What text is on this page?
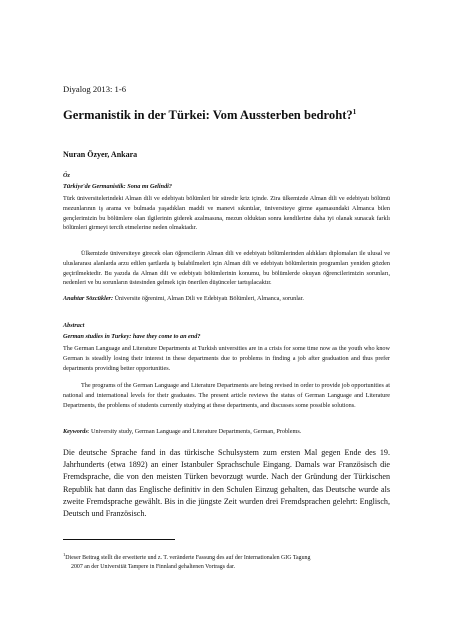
Diyalog 2013: 1-6
Germanistik in der Türkei: Vom Aussterben bedroht?$^1$
Nuran Özyer, Ankara
Öz
Türkiye'de Germanistik: Sona mı Gelindi?

Türk üniversitelerindeki Alman dili ve edebiyatı bölümleri bir süredir kriz içinde. Zira ülkemizde Alman dili ve edebiyatı bölümü mezunlarının iş arama ve bulmada yaşadıkları maddi ve manevi sıkıntılar, üniversiteye girme aşamasındaki Almanca bilen gençlerimizin bu bölümlere olan ilgilerinin giderek azalmasına, mezun olduktan sonra kendilerine daha iyi olanak sunacak farklı bölümleri girmeyi tercih etmelerine neden olmaktadır.

Ülkemizde üniversiteye girecek olan öğrencilerin Alman dili ve edebiyatı bölümlerinden aldıkları diplomaları ile ulusal ve uluslararası alanlarda arzu edilen şartlarda iş bulabilmeleri için Alman dili ve edebiyatı bölümlerinin programları yeniden gözden geçirilmektedir. Bu yazıda da Alman dili ve edebiyatı bölümlerinin konumu, bu bölümlerde okuyan öğrencilerimizin sorunları, nedenleri ve bu sorunların üstesinden gelmek için önerilen düşünceler tartışılacaktır.

Anahtar Sözcükler: Üniversite öğrenimi, Alman Dili ve Edebiyatı Bölümleri, Almanca, sorunlar.

Abstract
German studies in Turkey: have they come to an end?

The German Language and Literature Departments at Turkish universities are in a crisis for some time now as the youth who know German is steadily losing their interest in these departments due to problems in finding a job after graduation and thus prefer departments providing better opportunities.

The programs of the German Language and Literature Departments are being revised in order to provide job opportunities at national and international levels for their graduates. The present article reviews the status of German Language and Literature Departments, the problems of students currently studying at these departments, and discusses some possible solutions.

Keywords: University study, German Language and Literature Departments, German, Problems.

Die deutsche Sprache fand in das türkische Schulsystem zum ersten Mal gegen Ende des 19. Jahrhunderts (etwa 1892) an einer Istanbuler Sprachschule Eingang. Damals war Französisch die Fremdsprache, die von den meisten Türken bevorzugt wurde. Nach der Gründung der Türkischen Republik hat dann das Englische definitiv in den Schulen Einzug gehalten, das Deutsche wurde als zweite Fremdsprache gewählt. Bis in die jüngste Zeit wurden drei Fremdsprachen gelehrt: Englisch, Deutsch und Französisch.
$^1$Dieser Beitrag stellt die erweiterte und z. T. veränderte Fassung des auf der Internationalen GIG Tagung
2007 an der Universität Tampere in Finnland gehaltenen Vortrags dar.
